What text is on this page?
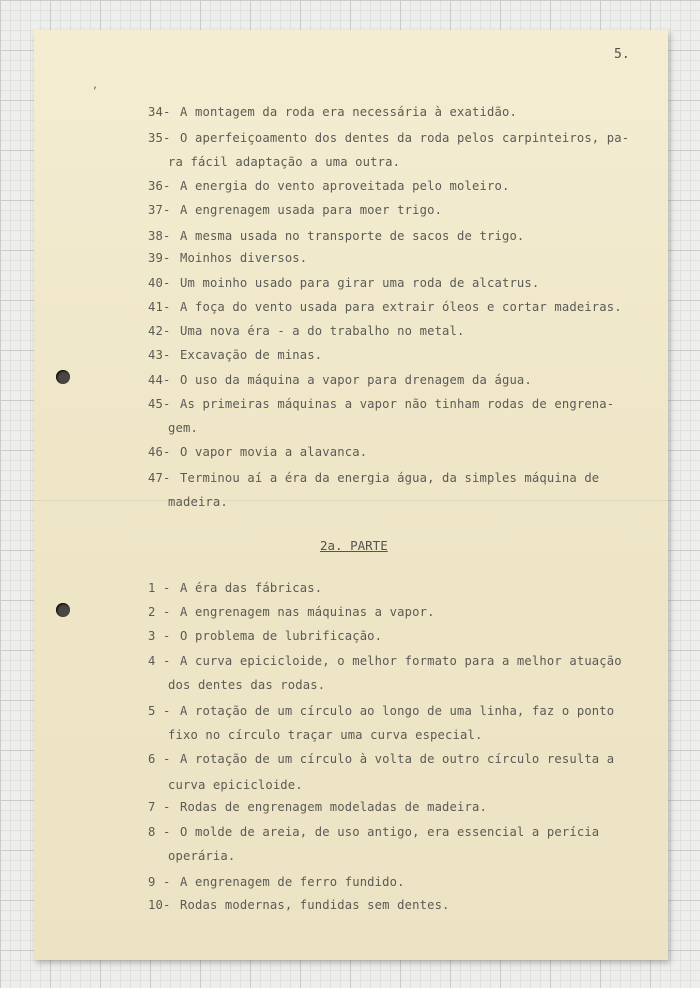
,
5.
2a. PARTE
34- A montagem da roda era necessária à exatidão.
35- O aperfeiçoamento dos dentes da roda pelos carpinteiros, pa-
ra fácil adaptação a uma outra.
36- A energia do vento aproveitada pelo moleiro.
37- A engrenagem usada para moer trigo.
38- A mesma usada no transporte de sacos de trigo.
39- Moinhos diversos.
40- Um moinho usado para girar uma roda de alcatrus.
41- A foça do vento usada para extrair óleos e cortar madeiras.
42- Uma nova éra - a do trabalho no metal.
43- Excavação de minas.
44- O uso da máquina a vapor para drenagem da água.
45- As primeiras máquinas a vapor não tinham rodas de engrena-
gem.
46- O vapor movia a alavanca.
47- Terminou aí a éra da energia água, da simples máquina de
madeira.
1 - A éra das fábricas.
2 - A engrenagem nas máquinas a vapor.
3 - O problema de lubrificação.
4 - A curva epicicloide, o melhor formato para a melhor atuação
dos dentes das rodas.
5 - A rotação de um círculo ao longo de uma linha, faz o ponto
fixo no círculo traçar uma curva especial.
6 - A rotação de um círculo à volta de outro círculo resulta a
curva epicicloide.
7 - Rodas de engrenagem modeladas de madeira.
8 - O molde de areia, de uso antigo, era essencial a perícia
operária.
9 - A engrenagem de ferro fundido.
10- Rodas modernas, fundidas sem dentes.
